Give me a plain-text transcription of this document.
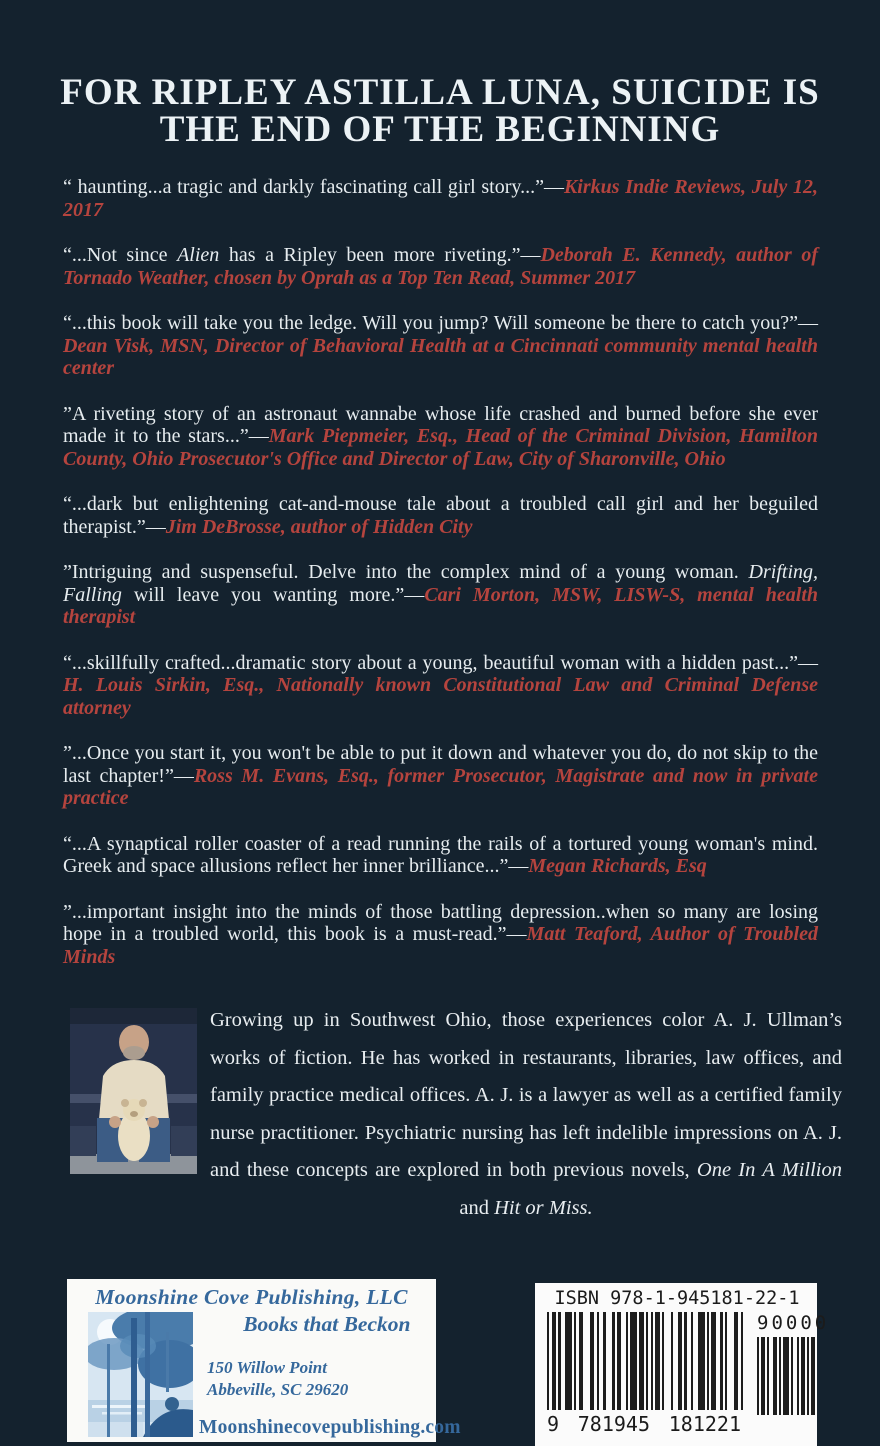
FOR RIPLEY ASTILLA LUNA, SUICIDE IS THE END OF THE BEGINNING

“ haunting...a tragic and darkly fascinating call girl story...”—Kirkus Indie Reviews, July 12, 2017

“...Not since Alien has a Ripley been more riveting.”—Deborah E. Kennedy, author of Tornado Weather, chosen by Oprah as a Top Ten Read, Summer 2017

“...this book will take you the ledge. Will you jump? Will someone be there to catch you?”—Dean Visk, MSN, Director of Behavioral Health at a Cincinnati community mental health center

”A riveting story of an astronaut wannabe whose life crashed and burned before she ever made it to the stars...”—Mark Piepmeier, Esq., Head of the Criminal Division, Hamilton County, Ohio Prosecutor's Office and Director of Law, City of Sharonville, Ohio

“...dark but enlightening cat-and-mouse tale about a troubled call girl and her beguiled therapist.”—Jim DeBrosse, author of Hidden City

”Intriguing and suspenseful. Delve into the complex mind of a young woman. Drifting, Falling will leave you wanting more.”—Cari Morton, MSW, LISW-S, mental health therapist

“...skillfully crafted...dramatic story about a young, beautiful woman with a hidden past...”—H. Louis Sirkin, Esq., Nationally known Constitutional Law and Criminal Defense attorney

”...Once you start it, you won't be able to put it down and whatever you do, do not skip to the last chapter!”—Ross M. Evans, Esq., former Prosecutor, Magistrate and now in private practice

“...A synaptical roller coaster of a read running the rails of a tortured young woman's mind. Greek and space allusions reflect her inner brilliance...”—Megan Richards, Esq

”...important insight into the minds of those battling depression..when so many are losing hope in a troubled world, this book is a must-read.”—Matt Teaford, Author of Troubled Minds

Growing up in Southwest Ohio, those experiences color A. J. Ullman’s works of fiction. He has worked in restaurants, libraries, law offices, and family practice medical offices. A. J. is a lawyer as well as a certified family nurse practitioner. Psychiatric nursing has left indelible impressions on A. J. and these concepts are explored in both previous novels, One In A Million and Hit or Miss.

Moonshine Cove Publishing, LLC
Books that Beckon
150 Willow Point
Abbeville, SC 29620
Moonshinecovepublishing.com
ISBN 978-1-945181-22-1
9 781945 181221
90000
